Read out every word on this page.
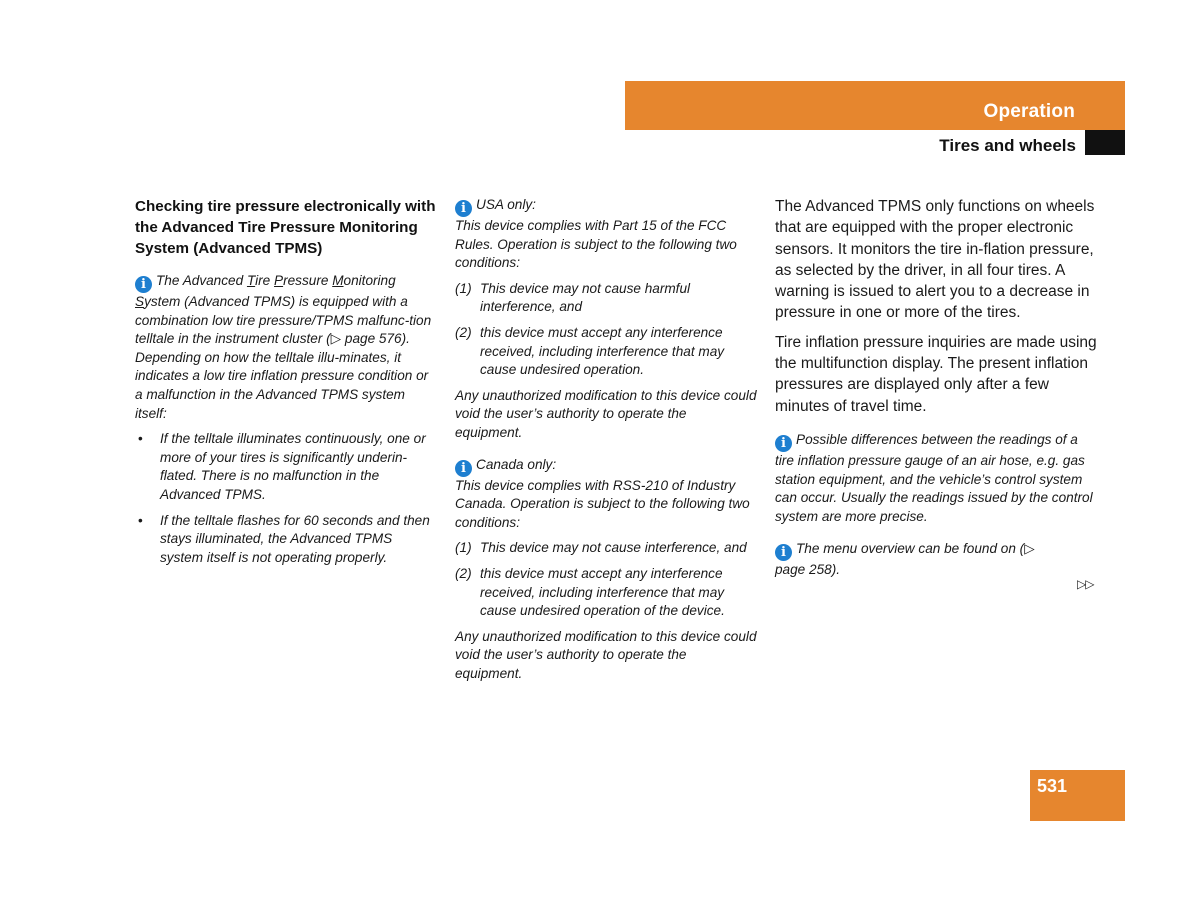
Operation
Tires and wheels
Checking tire pressure electronically with the Advanced Tire Pressure Monitoring System (Advanced TPMS)
i The Advanced Tire Pressure Monitoring
System (Advanced TPMS) is equipped with a combination low tire pressure/TPMS malfunc-tion telltale in the instrument cluster (▷ page 576). Depending on how the telltale illu-minates, it indicates a low tire inflation pressure condition or a malfunction in the Advanced TPMS system itself:
• If the telltale illuminates continuously, one or more of your tires is significantly underin-flated. There is no malfunction in the Advanced TPMS.
• If the telltale flashes for 60 seconds and then stays illuminated, the Advanced TPMS system itself is not operating properly.
i USA only:
This device complies with Part 15 of the FCC Rules. Operation is subject to the following two conditions:
(1) This device may not cause harmful interference, and
(2) this device must accept any interference received, including interference that may cause undesired operation.
Any unauthorized modification to this device could void the user’s authority to operate the equipment.
i Canada only:
This device complies with RSS-210 of Industry Canada. Operation is subject to the following two conditions:
(1) This device may not cause interference, and
(2) this device must accept any interference received, including interference that may cause undesired operation of the device.
Any unauthorized modification to this device could void the user’s authority to operate the equipment.

The Advanced TPMS only functions on wheels that are equipped with the proper electronic sensors. It monitors the tire in-flation pressure, as selected by the driver, in all four tires. A warning is issued to alert you to a decrease in pressure in one or more of the tires.

Tire inflation pressure inquiries are made using the multifunction display. The present inflation pressures are displayed only after a few minutes of travel time.

i Possible differences between the readings of a tire inflation pressure gauge of an air hose, e.g. gas station equipment, and the vehicle’s control system can occur. Usually the readings issued by the control system are more precise.
i The menu overview can be found on (▷ page 258).
▷▷
531
